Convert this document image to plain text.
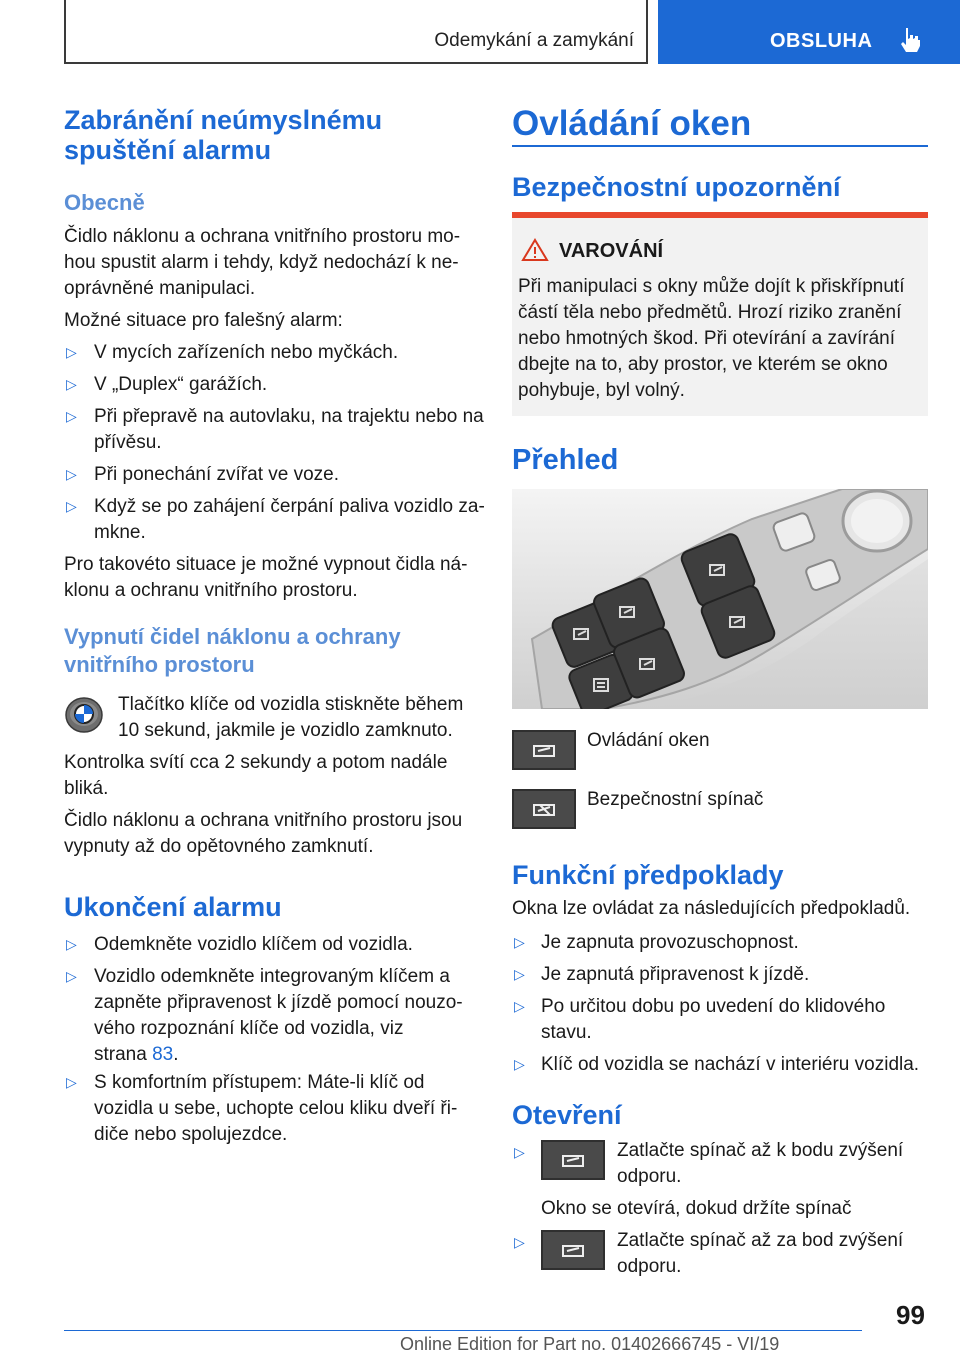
Odemykání a zamykání	OBSLUHA
Zabránění neúmyslnému
spuštění alarmu
Obecně
Čidlo náklonu a ochrana vnitřního prostoru mo-
hou spustit alarm i tehdy, když nedochází k ne-
oprávněné manipulaci.
Možné situace pro falešný alarm:
▷ V mycích zařízeních nebo myčkách.
▷ V „Duplex“ garážích.
▷ Při přepravě na autovlaku, na trajektu nebo na
přívěsu.
▷ Při ponechání zvířat ve voze.
▷ Když se po zahájení čerpání paliva vozidlo za-
mkne.
Pro takovéto situace je možné vypnout čidla ná-
klonu a ochranu vnitřního prostoru.
Vypnutí čidel náklonu a ochrany
vnitřního prostoru
Tlačítko klíče od vozidla stiskněte během
10 sekund, jakmile je vozidlo zamknuto.
Kontrolka svítí cca 2 sekundy a potom nadále
bliká.
Čidlo náklonu a ochrana vnitřního prostoru jsou
vypnuty až do opětovného zamknutí.
Ukončení alarmu
▷ Odemkněte vozidlo klíčem od vozidla.
▷ Vozidlo odemkněte integrovaným klíčem a
zapněte připravenost k jízdě pomocí nouzo-
vého rozpoznání klíče od vozidla, viz
strana 83.
▷ S komfortním přístupem: Máte-li klíč od
vozidla u sebe, uchopte celou kliku dveří ři-
diče nebo spolujezdce.
Ovládání oken
Bezpečnostní upozornění
VAROVÁNÍ
Při manipulaci s okny může dojít k přiskřípnutí
částí těla nebo předmětů. Hrozí riziko zranění
nebo hmotných škod. Při otevírání a zavírání
dbejte na to, aby prostor, ve kterém se okno
pohybuje, byl volný.
Přehled
Ovládání oken
Bezpečnostní spínač
Funkční předpoklady
Okna lze ovládat za následujících předpokladů.
▷ Je zapnuta provozuschopnost.
▷ Je zapnutá připravenost k jízdě.
▷ Po určitou dobu po uvedení do klidového
stavu.
▷ Klíč od vozidla se nachází v interiéru vozidla.
Otevření
▷	Zatlačte spínač až k bodu zvýšení
odporu.
Okno se otevírá, dokud držíte spínač
▷	Zatlačte spínač až za bod zvýšení
odporu.
99
Online Edition for Part no. 01402666745 - VI/19
